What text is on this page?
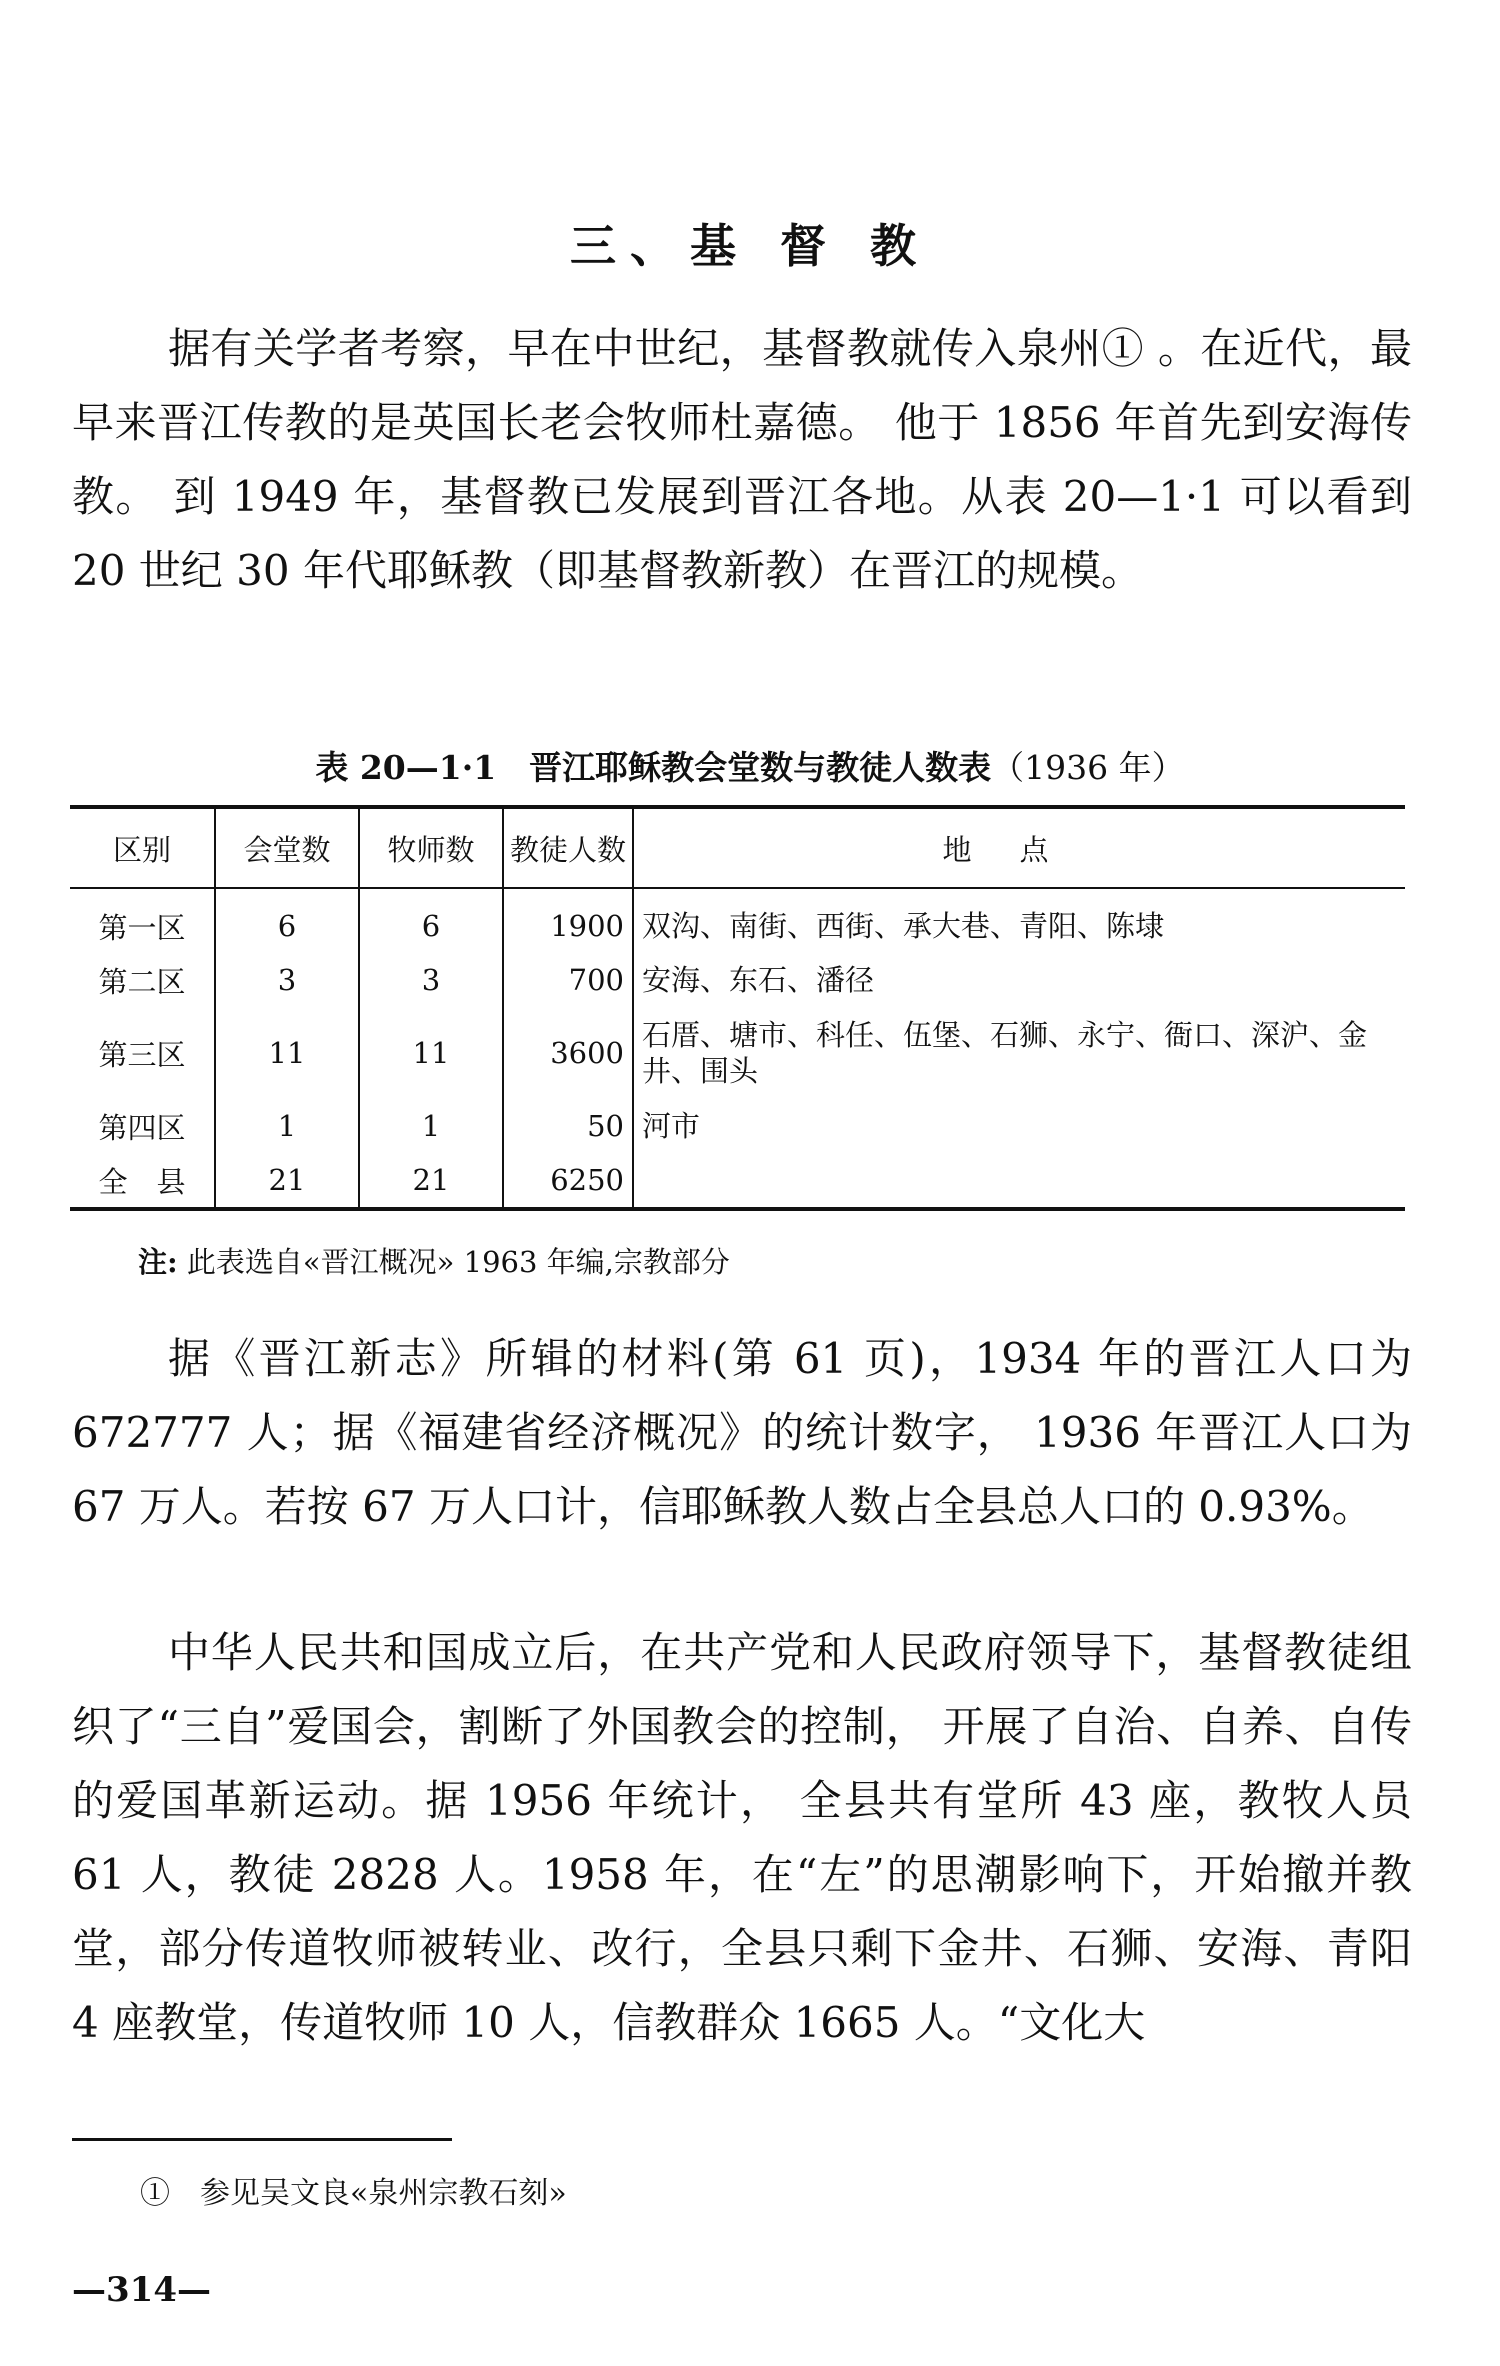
三、基 督 教

据有关学者考察，早在中世纪，基督教就传入泉州① 。在近代，最早来晋江传教的是英国长老会牧师杜嘉德。 他于 1856 年首先到安海传教。 到 1949 年，基督教已发展到晋江各地。从表 20—1·1 可以看到 20 世纪 30 年代耶稣教（即基督教新教）在晋江的规模。

表 20—1·1　晋江耶稣教会堂数与教徒人数表（1936 年）
区别	会堂数	牧师数	教徒人数	地点
第一区	6	6	1900	双沟、南街、西街、承大巷、青阳、陈埭
第二区	3	3	700	安海、东石、潘径
第三区	11	11	3600	石厝、塘市、科任、伍堡、石狮、永宁、衙口、深沪、金井、围头
第四区	1	1	50	河市
全　县	21	21	6250	
注: 此表选自«晋江概况» 1963 年编,宗教部分

据《晋江新志》所辑的材料(第 61 页)，1934 年的晋江人口为 672777 人；据《福建省经济概况》的统计数字， 1936 年晋江人口为 67 万人。若按 67 万人口计，信耶稣教人数占全县总人口的 0.93%。

中华人民共和国成立后，在共产党和人民政府领导下，基督教徒组织了“三自”爱国会，割断了外国教会的控制， 开展了自治、自养、自传的爱国革新运动。据 1956 年统计， 全县共有堂所 43 座，教牧人员 61 人，教徒 2828 人。1958 年，在“左”的思潮影响下，开始撤并教堂，部分传道牧师被转业、改行，全县只剩下金井、石狮、安海、青阳 4 座教堂，传道牧师 10 人，信教群众 1665 人。“文化大

①　参见吴文良«泉州宗教石刻»
—314—
